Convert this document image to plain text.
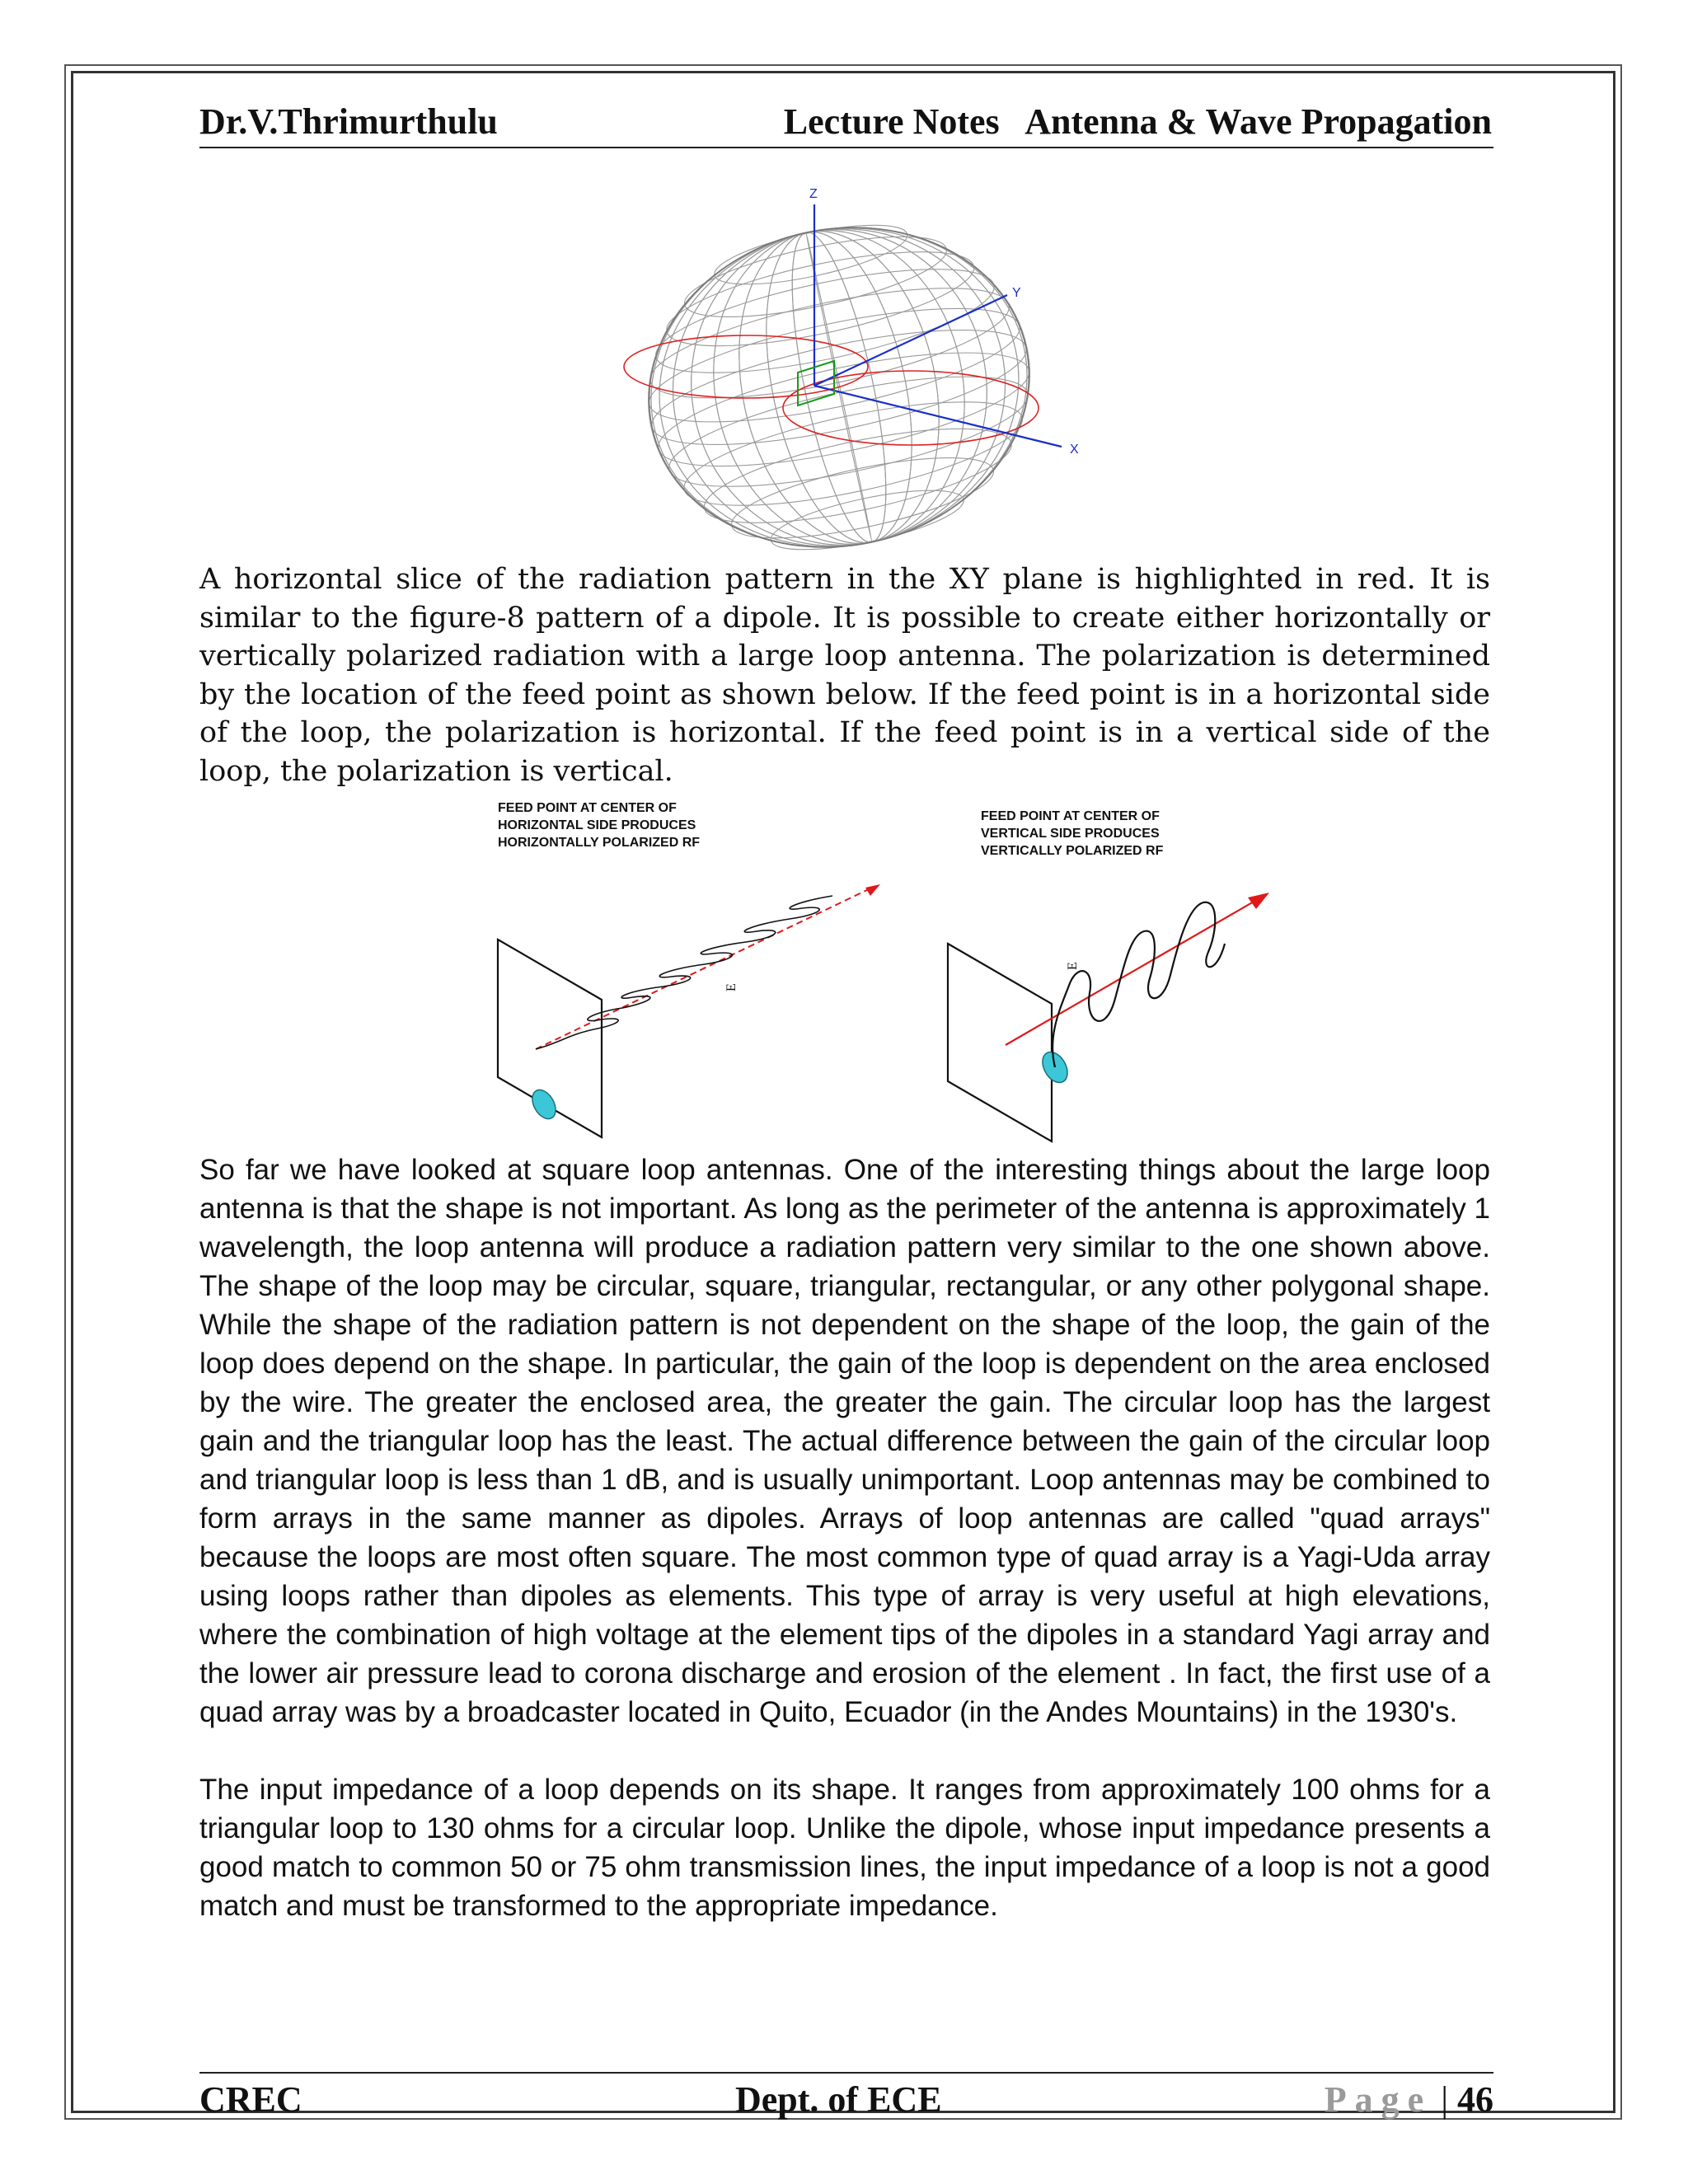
Dr.V.Thrimurthulu	Lecture Notes   Antenna & Wave Propagation
Z
Y
X

A horizontal slice of the radiation pattern in the XY plane is highlighted in red. It is similar to the figure-8 pattern of a dipole. It is possible to create either horizontally or vertically polarized radiation with a large loop antenna. The polarization is determined by the location of the feed point as shown below. If the feed point is in a horizontal side of the loop, the polarization is horizontal. If the feed point is in a vertical side of the loop, the polarization is vertical.

FEED POINT AT CENTER OF
HORIZONTAL SIDE PRODUCES
HORIZONTALLY POLARIZED RF
FEED POINT AT CENTER OF
VERTICAL SIDE PRODUCES
VERTICALLY POLARIZED RF
E
E

So far we have looked at square loop antennas. One of the interesting things about the large loop antenna is that the shape is not important. As long as the perimeter of the antenna is approximately 1 wavelength, the loop antenna will produce a radiation pattern very similar to the one shown above. The shape of the loop may be circular, square, triangular, rectangular, or any other polygonal shape. While the shape of the radiation pattern is not dependent on the shape of the loop, the gain of the loop does depend on the shape. In particular, the gain of the loop is dependent on the area enclosed by the wire. The greater the enclosed area, the greater the gain. The circular loop has the largest gain and the triangular loop has the least. The actual difference between the gain of the circular loop and triangular loop is less than 1 dB, and is usually unimportant. Loop antennas may be combined to form arrays in the same manner as dipoles. Arrays of loop antennas are called "quad arrays" because the loops are most often square. The most common type of quad array is a Yagi-Uda array using loops rather than dipoles as elements. This type of array is very useful at high elevations, where the combination of high voltage at the element tips of the dipoles in a standard Yagi array and the lower air pressure lead to corona discharge and erosion of the element . In fact, the first use of a quad array was by a broadcaster located in Quito, Ecuador (in the Andes Mountains) in the 1930's.

The input impedance of a loop depends on its shape. It ranges from approximately 100 ohms for a triangular loop to 130 ohms for a circular loop. Unlike the dipole, whose input impedance presents a good match to common 50 or 75 ohm transmission lines, the input impedance of a loop is not a good match and must be transformed to the appropriate impedance.

CREC	Dept. of ECE	Page | 46
